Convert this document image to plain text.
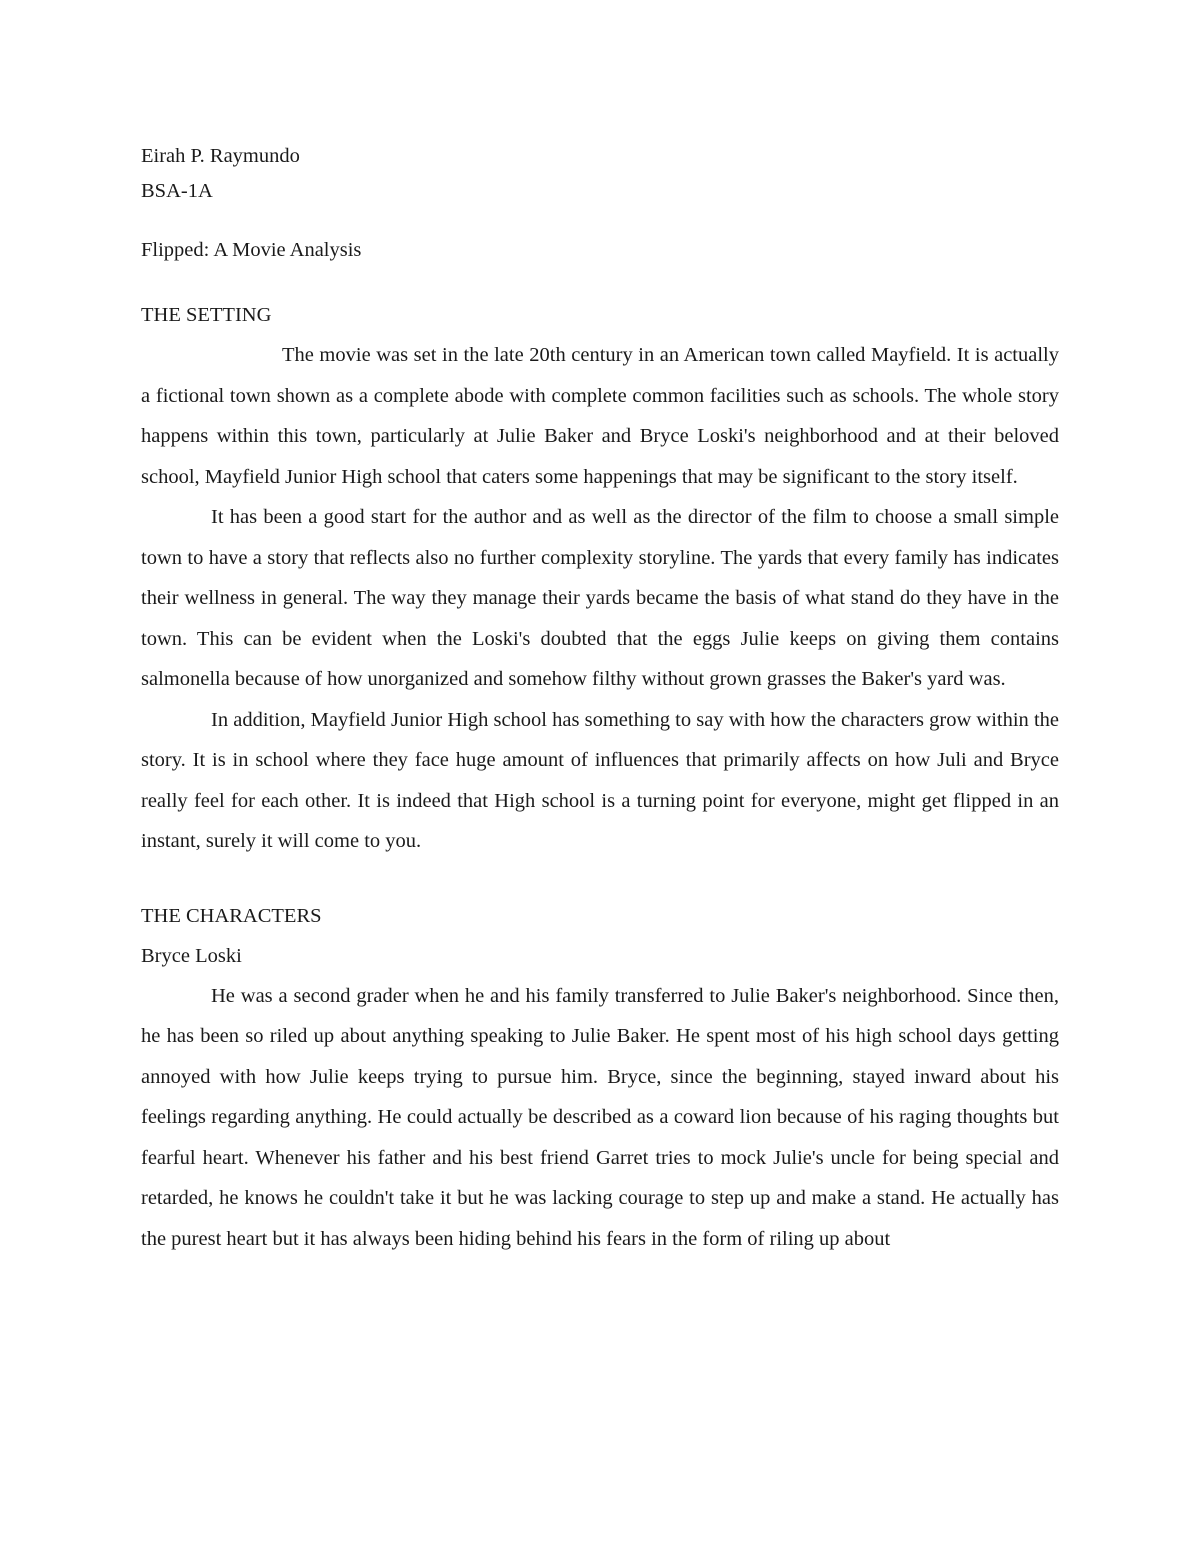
Eirah P. Raymundo
BSA-1A
Flipped: A Movie Analysis
THE SETTING

The movie was set in the late 20th century in an American town called Mayfield. It is actually a fictional town shown as a complete abode with complete common facilities such as schools. The whole story happens within this town, particularly at Julie Baker and Bryce Loski's neighborhood and at their beloved school, Mayfield Junior High school that caters some happenings that may be significant to the story itself.

It has been a good start for the author and as well as the director of the film to choose a small simple town to have a story that reflects also no further complexity storyline. The yards that every family has indicates their wellness in general. The way they manage their yards became the basis of what stand do they have in the town. This can be evident when the Loski's doubted that the eggs Julie keeps on giving them contains salmonella because of how unorganized and somehow filthy without grown grasses the Baker's yard was.

In addition, Mayfield Junior High school has something to say with how the characters grow within the story. It is in school where they face huge amount of influences that primarily affects on how Juli and Bryce really feel for each other. It is indeed that High school is a turning point for everyone, might get flipped in an instant, surely it will come to you.

THE CHARACTERS
Bryce Loski

He was a second grader when he and his family transferred to Julie Baker's neighborhood. Since then, he has been so riled up about anything speaking to Julie Baker. He spent most of his high school days getting annoyed with how Julie keeps trying to pursue him. Bryce, since the beginning, stayed inward about his feelings regarding anything. He could actually be described as a coward lion because of his raging thoughts but fearful heart. Whenever his father and his best friend Garret tries to mock Julie's uncle for being special and retarded, he knows he couldn't take it but he was lacking courage to step up and make a stand. He actually has the purest heart but it has always been hiding behind his fears in the form of riling up about
